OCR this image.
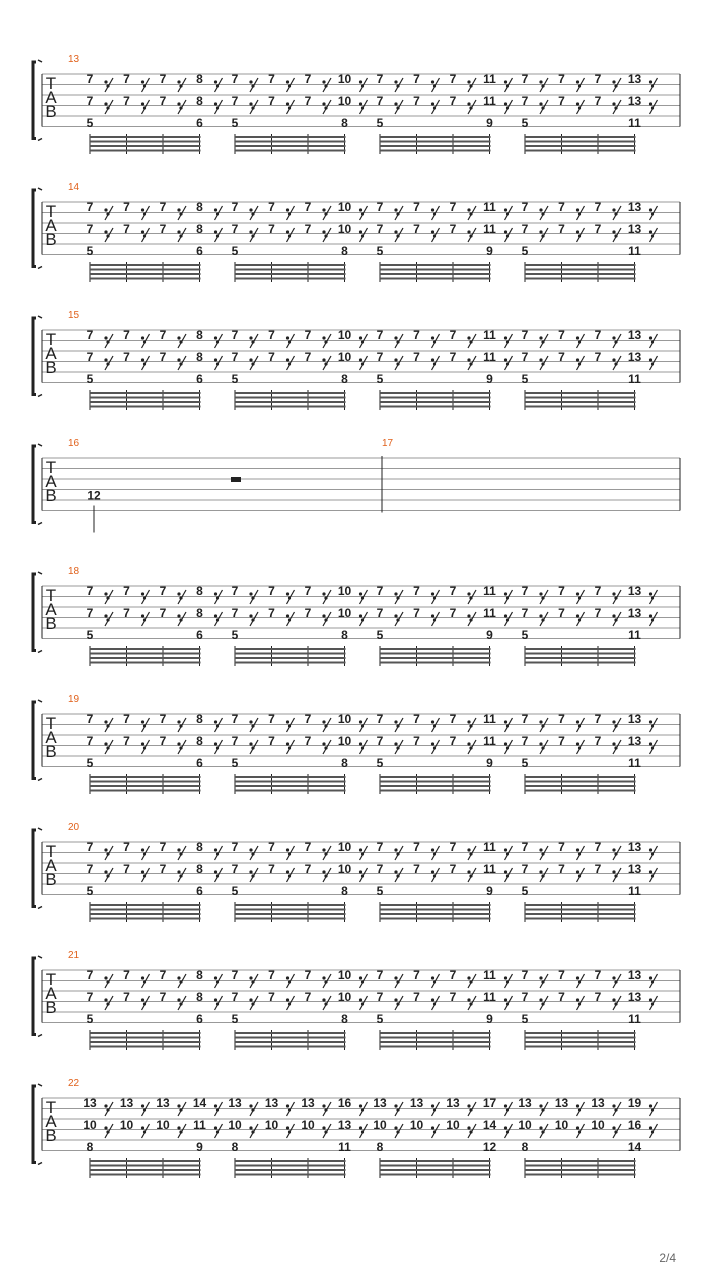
T
A
B
13
7
7
5
7
7
7
7
8
8
6
7
7
5
7
7
7
7
10
10
8
7
7
5
7
7
7
7
11
11
9
7
7
5
7
7
7
7
13
13
11
T
A
B
14
7
7
5
7
7
7
7
8
8
6
7
7
5
7
7
7
7
10
10
8
7
7
5
7
7
7
7
11
11
9
7
7
5
7
7
7
7
13
13
11
T
A
B
15
7
7
5
7
7
7
7
8
8
6
7
7
5
7
7
7
7
10
10
8
7
7
5
7
7
7
7
11
11
9
7
7
5
7
7
7
7
13
13
11
T
A
B
16
12
17
T
A
B
18
7
7
5
7
7
7
7
8
8
6
7
7
5
7
7
7
7
10
10
8
7
7
5
7
7
7
7
11
11
9
7
7
5
7
7
7
7
13
13
11
T
A
B
19
7
7
5
7
7
7
7
8
8
6
7
7
5
7
7
7
7
10
10
8
7
7
5
7
7
7
7
11
11
9
7
7
5
7
7
7
7
13
13
11
T
A
B
20
7
7
5
7
7
7
7
8
8
6
7
7
5
7
7
7
7
10
10
8
7
7
5
7
7
7
7
11
11
9
7
7
5
7
7
7
7
13
13
11
T
A
B
21
7
7
5
7
7
7
7
8
8
6
7
7
5
7
7
7
7
10
10
8
7
7
5
7
7
7
7
11
11
9
7
7
5
7
7
7
7
13
13
11
T
A
B
22
13
10
8
13
10
13
10
14
11
9
13
10
8
13
10
13
10
16
13
11
13
10
8
13
10
13
10
17
14
12
13
10
8
13
10
13
10
19
16
14
2/4
